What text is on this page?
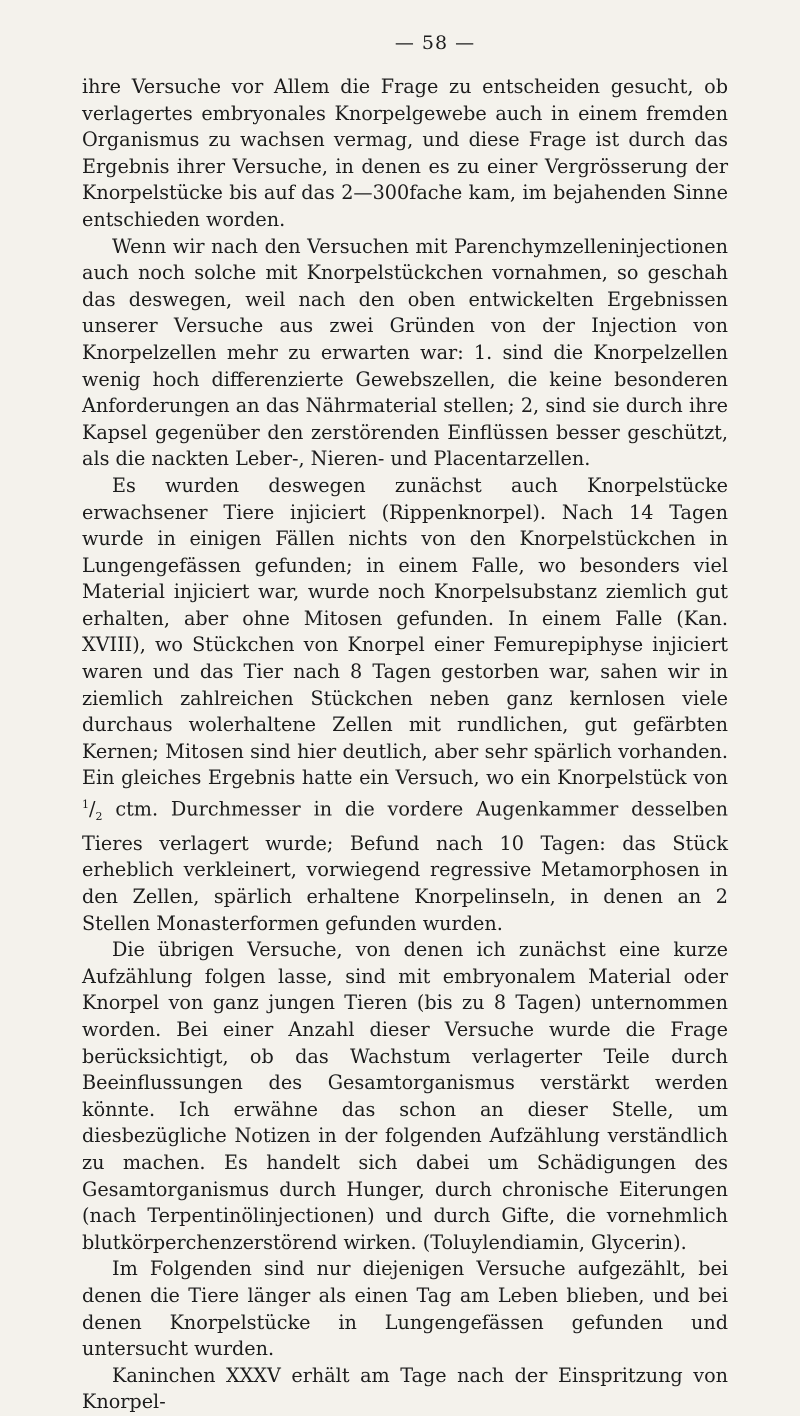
— 58 —

ihre Versuche vor Allem die Frage zu entscheiden gesucht, ob verlagertes embryonales Knorpelgewebe auch in einem fremden Organismus zu wachsen vermag, und diese Frage ist durch das Ergebnis ihrer Versuche, in denen es zu einer Vergrösserung der Knorpelstücke bis auf das 2—300fache kam, im bejahenden Sinne entschieden worden.

Wenn wir nach den Versuchen mit Parenchymzelleninjectionen auch noch solche mit Knorpelstückchen vornahmen, so geschah das deswegen, weil nach den oben entwickelten Ergebnissen unserer Versuche aus zwei Gründen von der Injection von Knorpelzellen mehr zu erwarten war: 1. sind die Knorpelzellen wenig hoch differenzierte Gewebszellen, die keine besonderen Anforderungen an das Nährmaterial stellen; 2, sind sie durch ihre Kapsel gegenüber den zerstörenden Einflüssen besser geschützt, als die nackten Leber-, Nieren- und Placentarzellen.

Es wurden deswegen zunächst auch Knorpelstücke erwachsener Tiere injiciert (Rippenknorpel). Nach 14 Tagen wurde in einigen Fällen nichts von den Knorpelstückchen in Lungengefässen gefunden; in einem Falle, wo besonders viel Material injiciert war, wurde noch Knorpelsubstanz ziemlich gut erhalten, aber ohne Mitosen gefunden. In einem Falle (Kan. XVIII), wo Stückchen von Knorpel einer Femurepiphyse injiciert waren und das Tier nach 8 Tagen gestorben war, sahen wir in ziemlich zahlreichen Stückchen neben ganz kernlosen viele durchaus wolerhaltene Zellen mit rundlichen, gut gefärbten Kernen; Mitosen sind hier deutlich, aber sehr spärlich vorhanden. Ein gleiches Ergebnis hatte ein Versuch, wo ein Knorpelstück von $^1/_2$ ctm. Durchmesser in die vordere Augenkammer desselben Tieres verlagert wurde; Befund nach 10 Tagen: das Stück erheblich verkleinert, vorwiegend regressive Metamorphosen in den Zellen, spärlich erhaltene Knorpelinseln, in denen an 2 Stellen Monasterformen gefunden wurden.

Die übrigen Versuche, von denen ich zunächst eine kurze Aufzählung folgen lasse, sind mit embryonalem Material oder Knorpel von ganz jungen Tieren (bis zu 8 Tagen) unternommen worden. Bei einer Anzahl dieser Versuche wurde die Frage berücksichtigt, ob das Wachstum verlagerter Teile durch Beeinflussungen des Gesamtorganismus verstärkt werden könnte. Ich erwähne das schon an dieser Stelle, um diesbezügliche Notizen in der folgenden Aufzählung verständlich zu machen. Es handelt sich dabei um Schädigungen des Gesamtorganismus durch Hunger, durch chronische Eiterungen (nach Terpentinölinjectionen) und durch Gifte, die vornehmlich blutkörperchenzerstörend wirken. (Toluylendiamin, Glycerin).

Im Folgenden sind nur diejenigen Versuche aufgezählt, bei denen die Tiere länger als einen Tag am Leben blieben, und bei denen Knorpelstücke in Lungengefässen gefunden und untersucht wurden.

Kaninchen XXXV erhält am Tage nach der Einspritzung von Knorpel-
